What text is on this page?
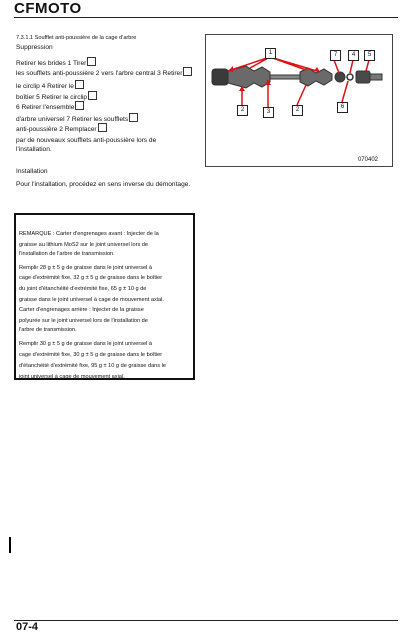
CFMOTO
7.3.1.1 Soufflet anti-poussière de la cage d'arbre
Suppression
Retirer les brides 1 Tirer
les soufflets anti-poussière 2 vers l'arbre central 3 Retirer
le circlip 4 Retirer le
boîtier 5 Retirer le circlip
6 Retirer l'ensemble
d'arbre universel 7 Retirer les soufflets
anti-poussière 2 Remplacer
par de nouveaux soufflets anti-poussière lors de
l'installation.
Installation
Pour l'installation, procédez en sens inverse du démontage.
1	7	4	5
2	3	2	6
070402
REMARQUE : Carter d'engrenages avant : Injecter de la
graisse au lithium MoS2 sur le joint universel lors de
l'installation de l'arbre de transmission.
Remplir 28 g ± 5 g de graisse dans le joint universel à
cage d'extrémité fixe, 32 g ± 5 g de graisse dans le boîtier
du joint d'étanchéité d'extrémité fixe, 65 g ± 10 g de
graisse dans le joint universel à cage de mouvement axial.
Carter d'engrenages arrière : Injecter de la graisse
polyurée sur le joint universel lors de l'installation de
l'arbre de transmission.
Remplir 30 g ± 5 g de graisse dans le joint universel à
cage d'extrémité fixe, 30 g ± 5 g de graisse dans le boîtier
d'étanchéité d'extrémité fixe, 95 g ± 10 g de graisse dans le
joint universel à cage de mouvement axial.
07-4
